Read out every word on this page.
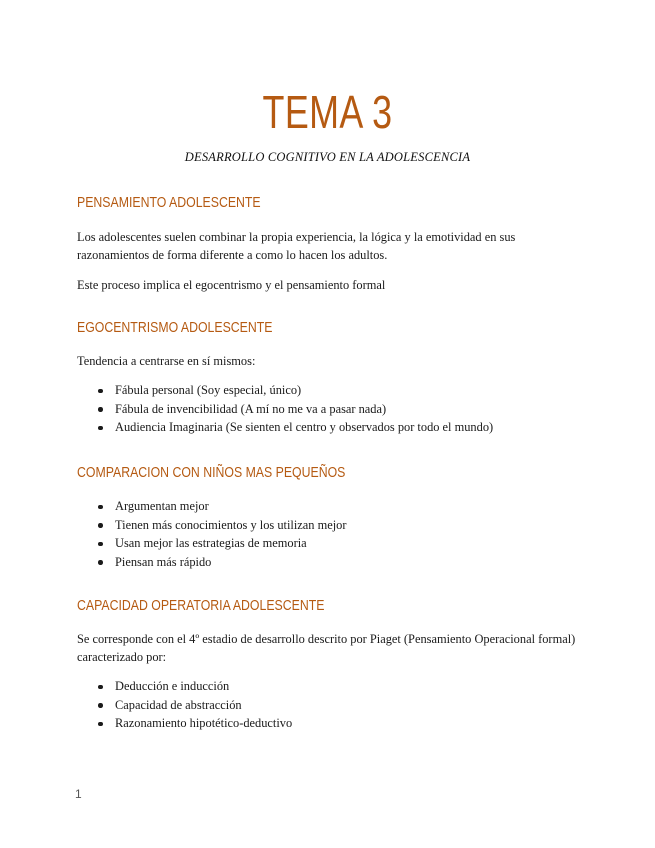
TEMA 3
DESARROLLO COGNITIVO EN LA ADOLESCENCIA
PENSAMIENTO ADOLESCENTE
Los adolescentes suelen combinar la propia experiencia, la lógica y la emotividad en sus razonamientos de forma diferente a como lo hacen los adultos.
Este proceso implica el egocentrismo y el pensamiento formal
EGOCENTRISMO ADOLESCENTE
Tendencia a centrarse en sí mismos:
Fábula personal (Soy especial, único)
Fábula de invencibilidad (A mí no me va a pasar nada)
Audiencia Imaginaria (Se sienten el centro y observados por todo el mundo)
COMPARACION CON NIÑOS MAS PEQUEÑOS
Argumentan mejor
Tienen más conocimientos y los utilizan mejor
Usan mejor las estrategias de memoria
Piensan más rápido
CAPACIDAD OPERATORIA ADOLESCENTE
Se corresponde con el 4º estadio de desarrollo descrito por Piaget (Pensamiento Operacional formal) caracterizado por:
Deducción e inducción
Capacidad de abstracción
Razonamiento hipotético-deductivo
1
